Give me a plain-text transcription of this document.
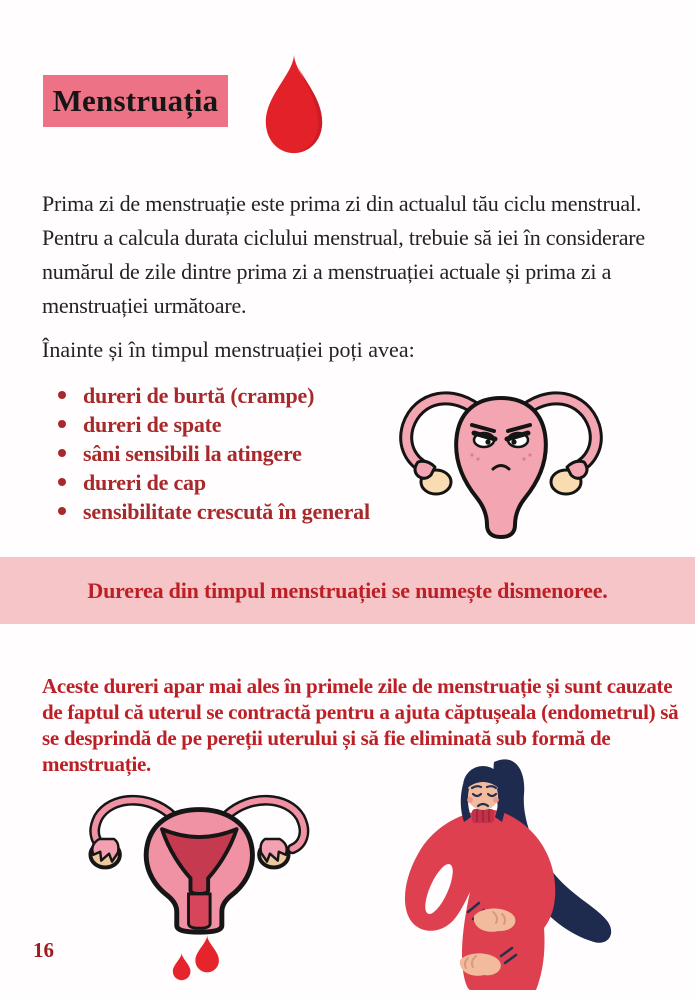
Menstruația

Prima zi de menstruație este prima zi din actualul tău ciclu menstrual. Pentru a calcula durata ciclului menstrual, trebuie să iei în considerare numărul de zile dintre prima zi a menstruației actuale și prima zi a menstruației următoare.

Înainte și în timpul menstruației poți avea:

dureri de burtă (crampe)
dureri de spate
sâni sensibili la atingere
dureri de cap
sensibilitate crescută în general
Durerea din timpul menstruației se numește dismenoree.

Aceste dureri apar mai ales în primele zile de menstruație și sunt cauzate de faptul că uterul se contractă pentru a ajuta căptușeala (endometrul) să se desprindă de pe pereții uterului și să fie eliminată sub formă de menstruație.

16
